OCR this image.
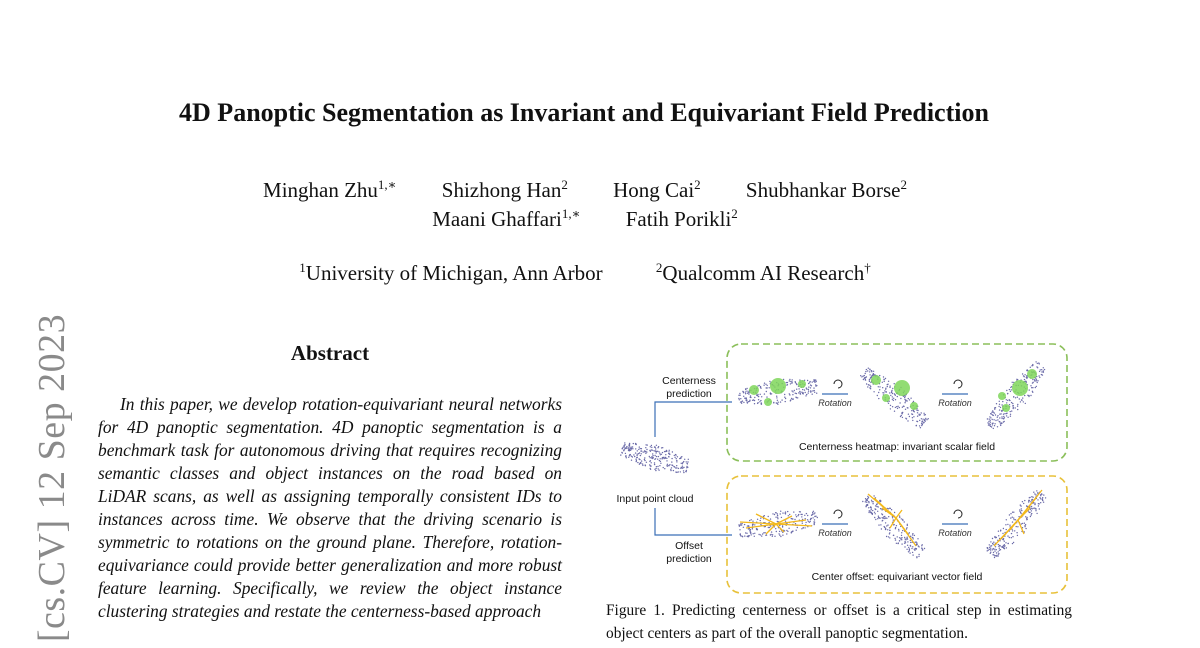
4D Panoptic Segmentation as Invariant and Equivariant Field Prediction
Minghan Zhu$^{1,∗}$ Shizhong Han$^2$ Hong Cai$^2$ Shubhankar Borse$^2$
Maani Ghaffari$^{1,∗}$ Fatih Porikli$^2$
$^1$University of Michigan, Ann Arbor	$^2$Qualcomm AI Research†
[cs.CV] 12 Sep 2023	Abstract

In this paper, we develop rotation-equivariant neural networks for 4D panoptic segmentation. 4D panoptic segmentation is a benchmark task for autonomous driving that requires recognizing semantic classes and object instances on the road based on LiDAR scans, as well as assigning temporally consistent IDs to instances across time. We observe that the driving scenario is symmetric to rotations on the ground plane. Therefore, rotation-equivariance could provide better generalization and more robust feature learning. Specifically, we review the object instance clustering strategies and restate the centerness-based approach

Input point cloud
Centerness
prediction
Offset
prediction
Rotation	Rotation
Rotation	Rotation
Centerness heatmap: invariant scalar field
Center offset: equivariant vector field
Figure 1. Predicting centerness or offset is a critical step in estimating object centers as part of the overall panoptic segmentation.
